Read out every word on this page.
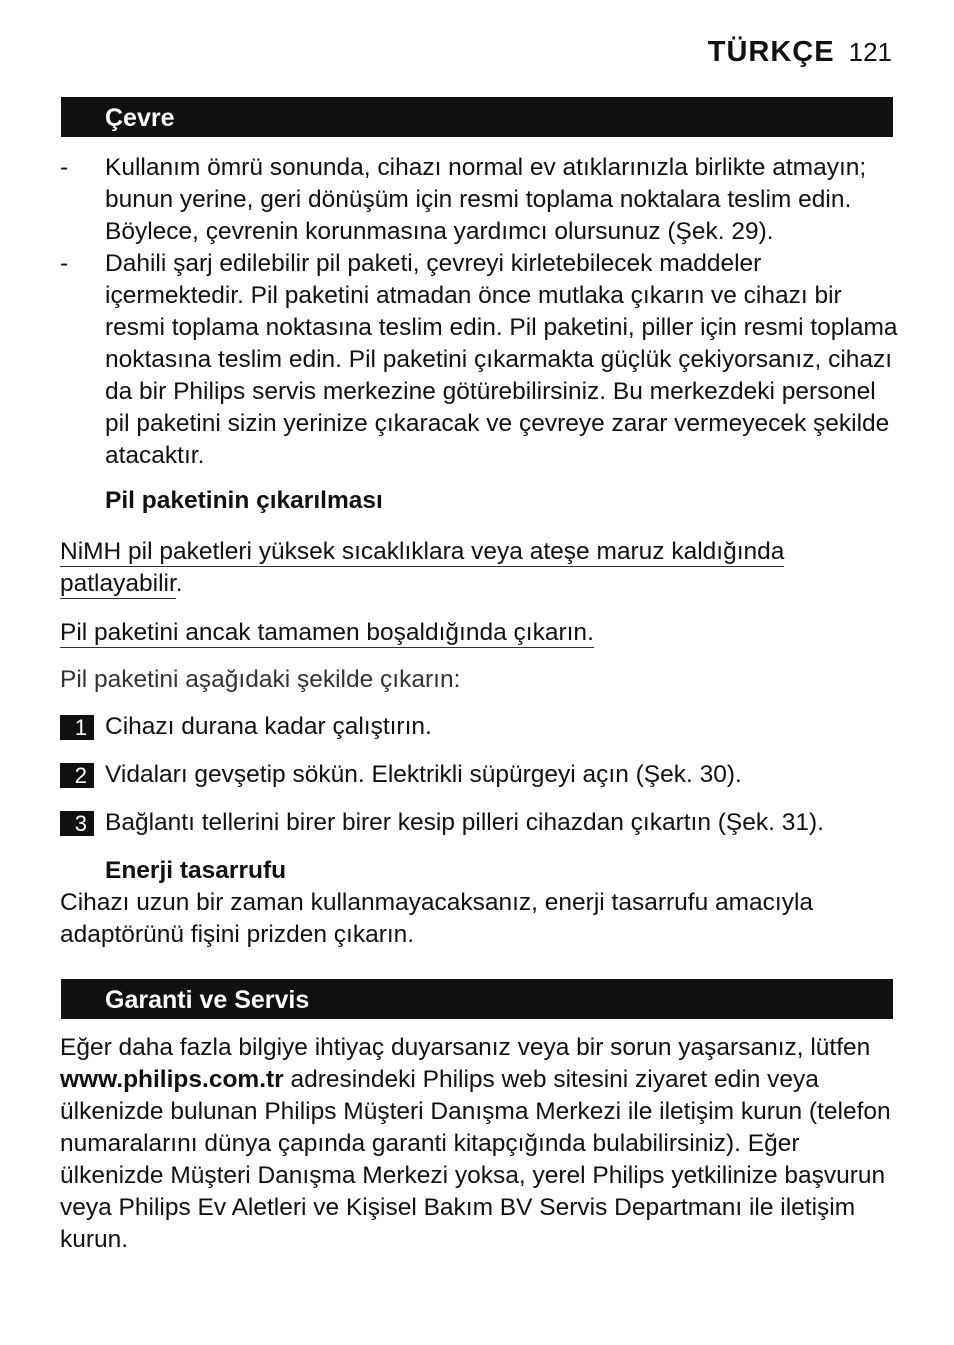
TÜRKÇE 121
Çevre
- Kullanım ömrü sonunda, cihazı normal ev atıklarınızla birlikte atmayın; bunun yerine, geri dönüşüm için resmi toplama noktalara teslim edin. Böylece, çevrenin korunmasına yardımcı olursunuz (Şek. 29).
- Dahili şarj edilebilir pil paketi, çevreyi kirletebilecek maddeler içermektedir. Pil paketini atmadan önce mutlaka çıkarın ve cihazı bir resmi toplama noktasına teslim edin. Pil paketini, piller için resmi toplama noktasına teslim edin. Pil paketini çıkarmakta güçlük çekiyorsanız, cihazı da bir Philips servis merkezine götürebilirsiniz. Bu merkezdeki personel pil paketini sizin yerinize çıkaracak ve çevreye zarar vermeyecek şekilde atacaktır.
Pil paketinin çıkarılması
NiMH pil paketleri yüksek sıcaklıklara veya ateşe maruz kaldığında
patlayabilir.
Pil paketini ancak tamamen boşaldığında çıkarın.
Pil paketini aşağıdaki şekilde çıkarın:
1 Cihazı durana kadar çalıştırın.
2 Vidaları gevşetip sökün. Elektrikli süpürgeyi açın (Şek. 30).
3 Bağlantı tellerini birer birer kesip pilleri cihazdan çıkartın (Şek. 31).
Enerji tasarrufu
Cihazı uzun bir zaman kullanmayacaksanız, enerji tasarrufu amacıyla
adaptörünü fişini prizden çıkarın.
Garanti ve Servis
Eğer daha fazla bilgiye ihtiyaç duyarsanız veya bir sorun yaşarsanız, lütfen
www.philips.com.tr adresindeki Philips web sitesini ziyaret edin veya ülkenizde bulunan Philips Müşteri Danışma Merkezi ile iletişim kurun (telefon numaralarını dünya çapında garanti kitapçığında bulabilirsiniz). Eğer ülkenizde Müşteri Danışma Merkezi yoksa, yerel Philips yetkilinize başvurun veya Philips Ev Aletleri ve Kişisel Bakım BV Servis Departmanı ile iletişim kurun.
